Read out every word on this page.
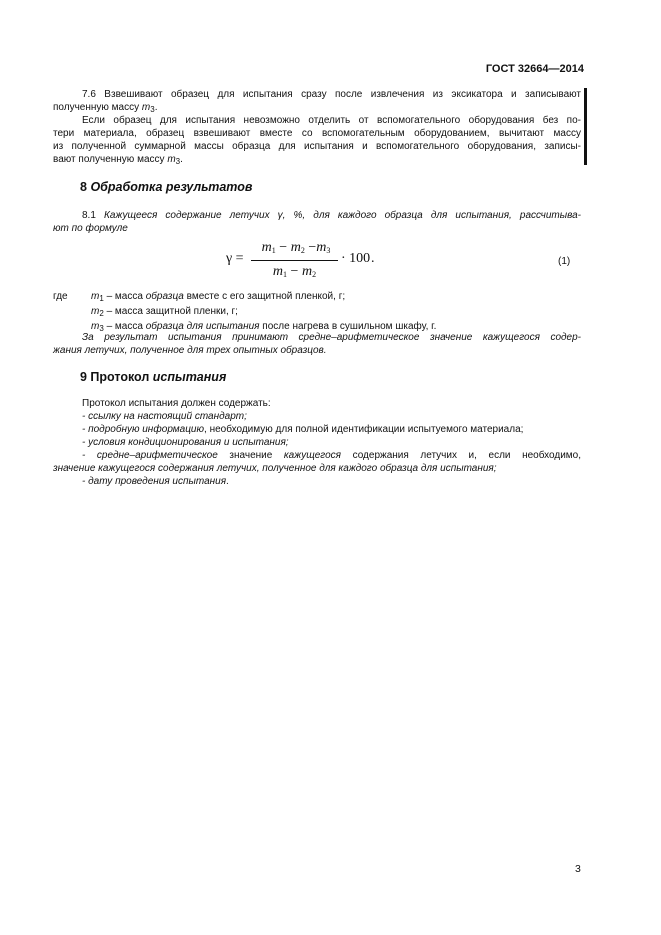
ГОСТ 32664—2014
7.6 Взвешивают образец для испытания сразу после извлечения из эксикатора и записывают
полученную массу $m_3$.
Если образец для испытания невозможно отделить от вспомогательного оборудования без по-
тери материала, образец взвешивают вместе со вспомогательным оборудованием, вычитают массу
из полученной суммарной массы образца для испытания и вспомогательного оборудования, записы-
вают полученную массу $m_3$.
8 Обработка результатов
8.1 Кажущееся содержание летучих γ, %, для каждого образца для испытания, рассчитыва-
ют по формуле
γ =
$m_1 - m_2 -m_3$
$m_1 - m_2$
· 100 .	(1)
где $m_1$ – масса образца вместе с его защитной пленкой, г;
$m_2$ – масса защитной пленки, г;
$m_3$ – масса образца для испытания после нагрева в сушильном шкафу, г.
За результат испытания принимают средне–арифметическое значение кажущегося содер-
жания летучих, полученное для трех опытных образцов.
9 Протокол испытания
Протокол испытания должен содержать:
- ссылку на настоящий стандарт;
- подробную информацию, необходимую для полной идентификации испытуемого материала;
- условия кондиционирования и испытания;
- средне–арифметическое значение кажущегося содержания летучих и, если необходимо,
значение кажущегося содержания летучих, полученное для каждого образца для испытания;
- дату проведения испытания.
3
